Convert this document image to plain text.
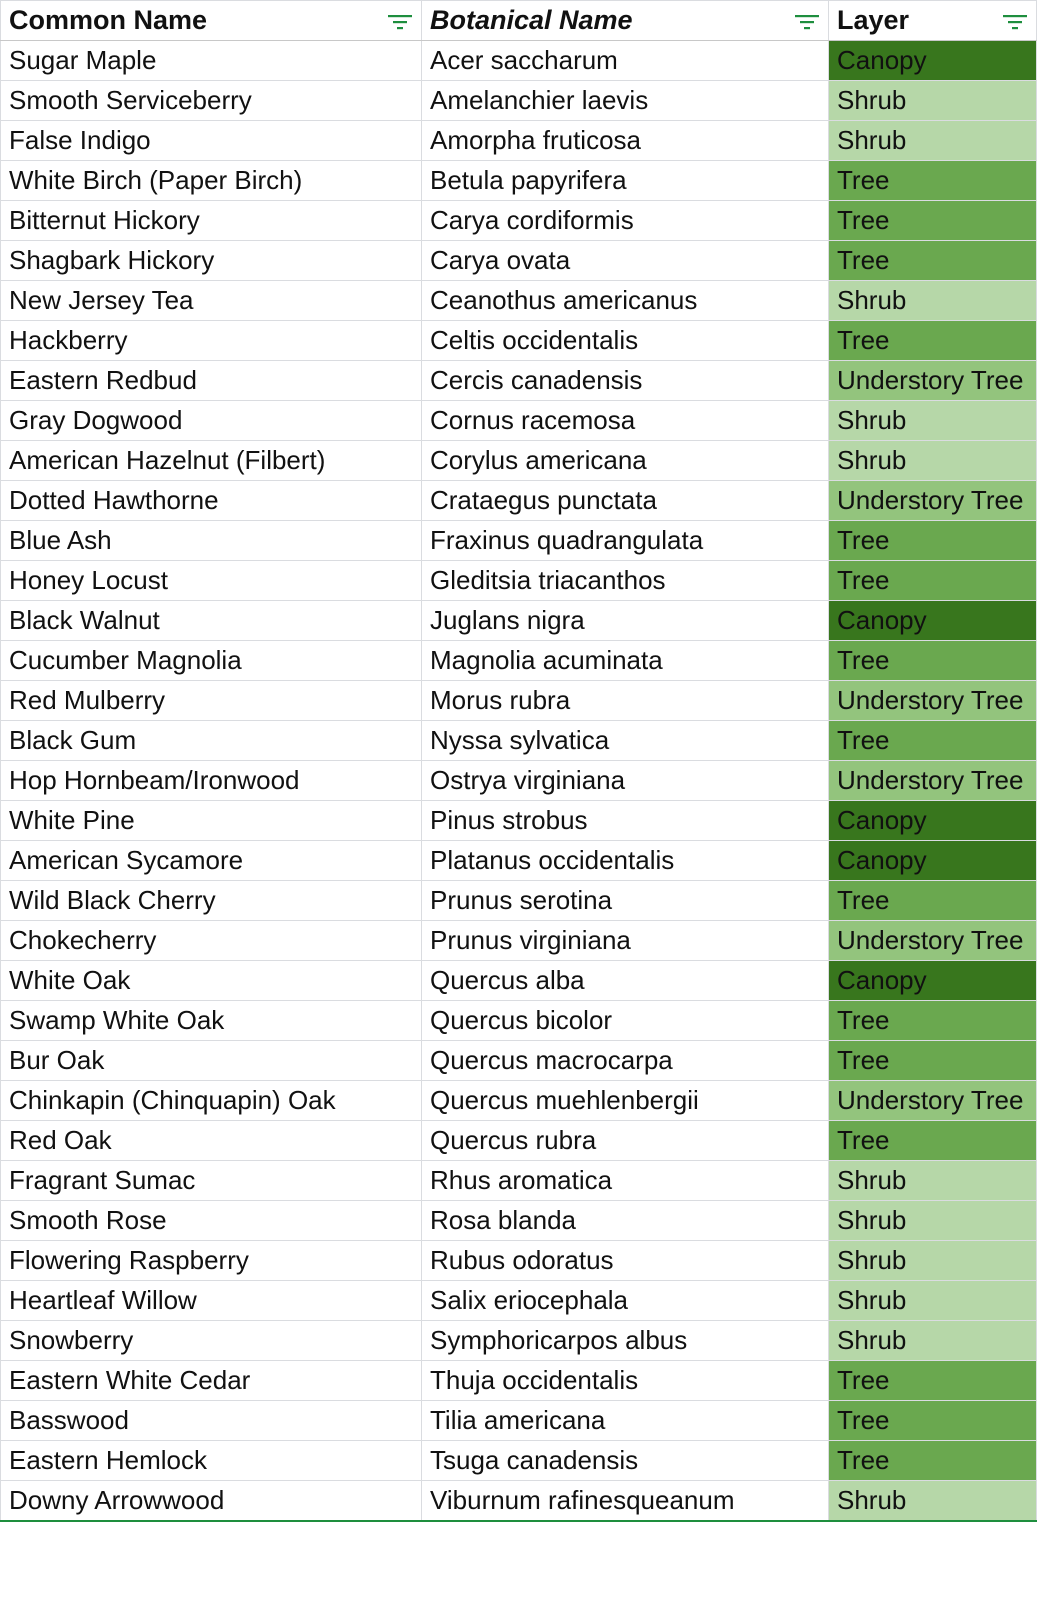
Common Name	Botanical Name	Layer

Sugar Maple	Acer saccharum	Canopy
Smooth Serviceberry	Amelanchier laevis	Shrub
False Indigo	Amorpha fruticosa	Shrub
White Birch (Paper Birch)	Betula papyrifera	Tree
Bitternut Hickory	Carya cordiformis	Tree
Shagbark Hickory	Carya ovata	Tree
New Jersey Tea	Ceanothus americanus	Shrub
Hackberry	Celtis occidentalis	Tree
Eastern Redbud	Cercis canadensis	Understory Tree
Gray Dogwood	Cornus racemosa	Shrub
American Hazelnut (Filbert)	Corylus americana	Shrub
Dotted Hawthorne	Crataegus punctata	Understory Tree
Blue Ash	Fraxinus quadrangulata	Tree
Honey Locust	Gleditsia triacanthos	Tree
Black Walnut	Juglans nigra	Canopy
Cucumber Magnolia	Magnolia acuminata	Tree
Red Mulberry	Morus rubra	Understory Tree
Black Gum	Nyssa sylvatica	Tree
Hop Hornbeam/Ironwood	Ostrya virginiana	Understory Tree
White Pine	Pinus strobus	Canopy
American Sycamore	Platanus occidentalis	Canopy
Wild Black Cherry	Prunus serotina	Tree
Chokecherry	Prunus virginiana	Understory Tree
White Oak	Quercus alba	Canopy
Swamp White Oak	Quercus bicolor	Tree
Bur Oak	Quercus macrocarpa	Tree
Chinkapin (Chinquapin) Oak	Quercus muehlenbergii	Understory Tree
Red Oak	Quercus rubra	Tree
Fragrant Sumac	Rhus aromatica	Shrub
Smooth Rose	Rosa blanda	Shrub
Flowering Raspberry	Rubus odoratus	Shrub
Heartleaf Willow	Salix eriocephala	Shrub
Snowberry	Symphoricarpos albus	Shrub
Eastern White Cedar	Thuja occidentalis	Tree
Basswood	Tilia americana	Tree
Eastern Hemlock	Tsuga canadensis	Tree
Downy Arrowwood	Viburnum rafinesqueanum	Shrub
